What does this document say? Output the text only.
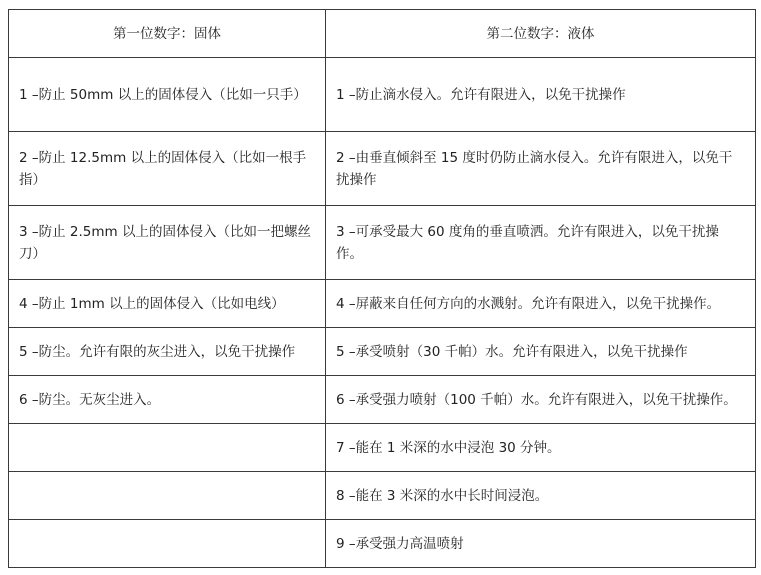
第一位数字：固体	第二位数字：液体
1 –防止 50mm 以上的固体侵入（比如一只手）	1 –防止滴水侵入。允许有限进入，以免干扰操作
2 –防止 12.5mm 以上的固体侵入（比如一根手指）	2 –由垂直倾斜至 15 度时仍防止滴水侵入。允许有限进入，以免干扰操作
3 –防止 2.5mm 以上的固体侵入（比如一把螺丝刀）	3 –可承受最大 60 度角的垂直喷洒。允许有限进入，以免干扰操作。
4 –防止 1mm 以上的固体侵入（比如电线）	4 –屏蔽来自任何方向的水溅射。允许有限进入，以免干扰操作。
5 –防尘。允许有限的灰尘进入，以免干扰操作	5 –承受喷射（30 千帕）水。允许有限进入，以免干扰操作
6 –防尘。无灰尘进入。	6 –承受强力喷射（100 千帕）水。允许有限进入，以免干扰操作。
	7 –能在 1 米深的水中浸泡 30 分钟。
	8 –能在 3 米深的水中长时间浸泡。
	9 –承受强力高温喷射
